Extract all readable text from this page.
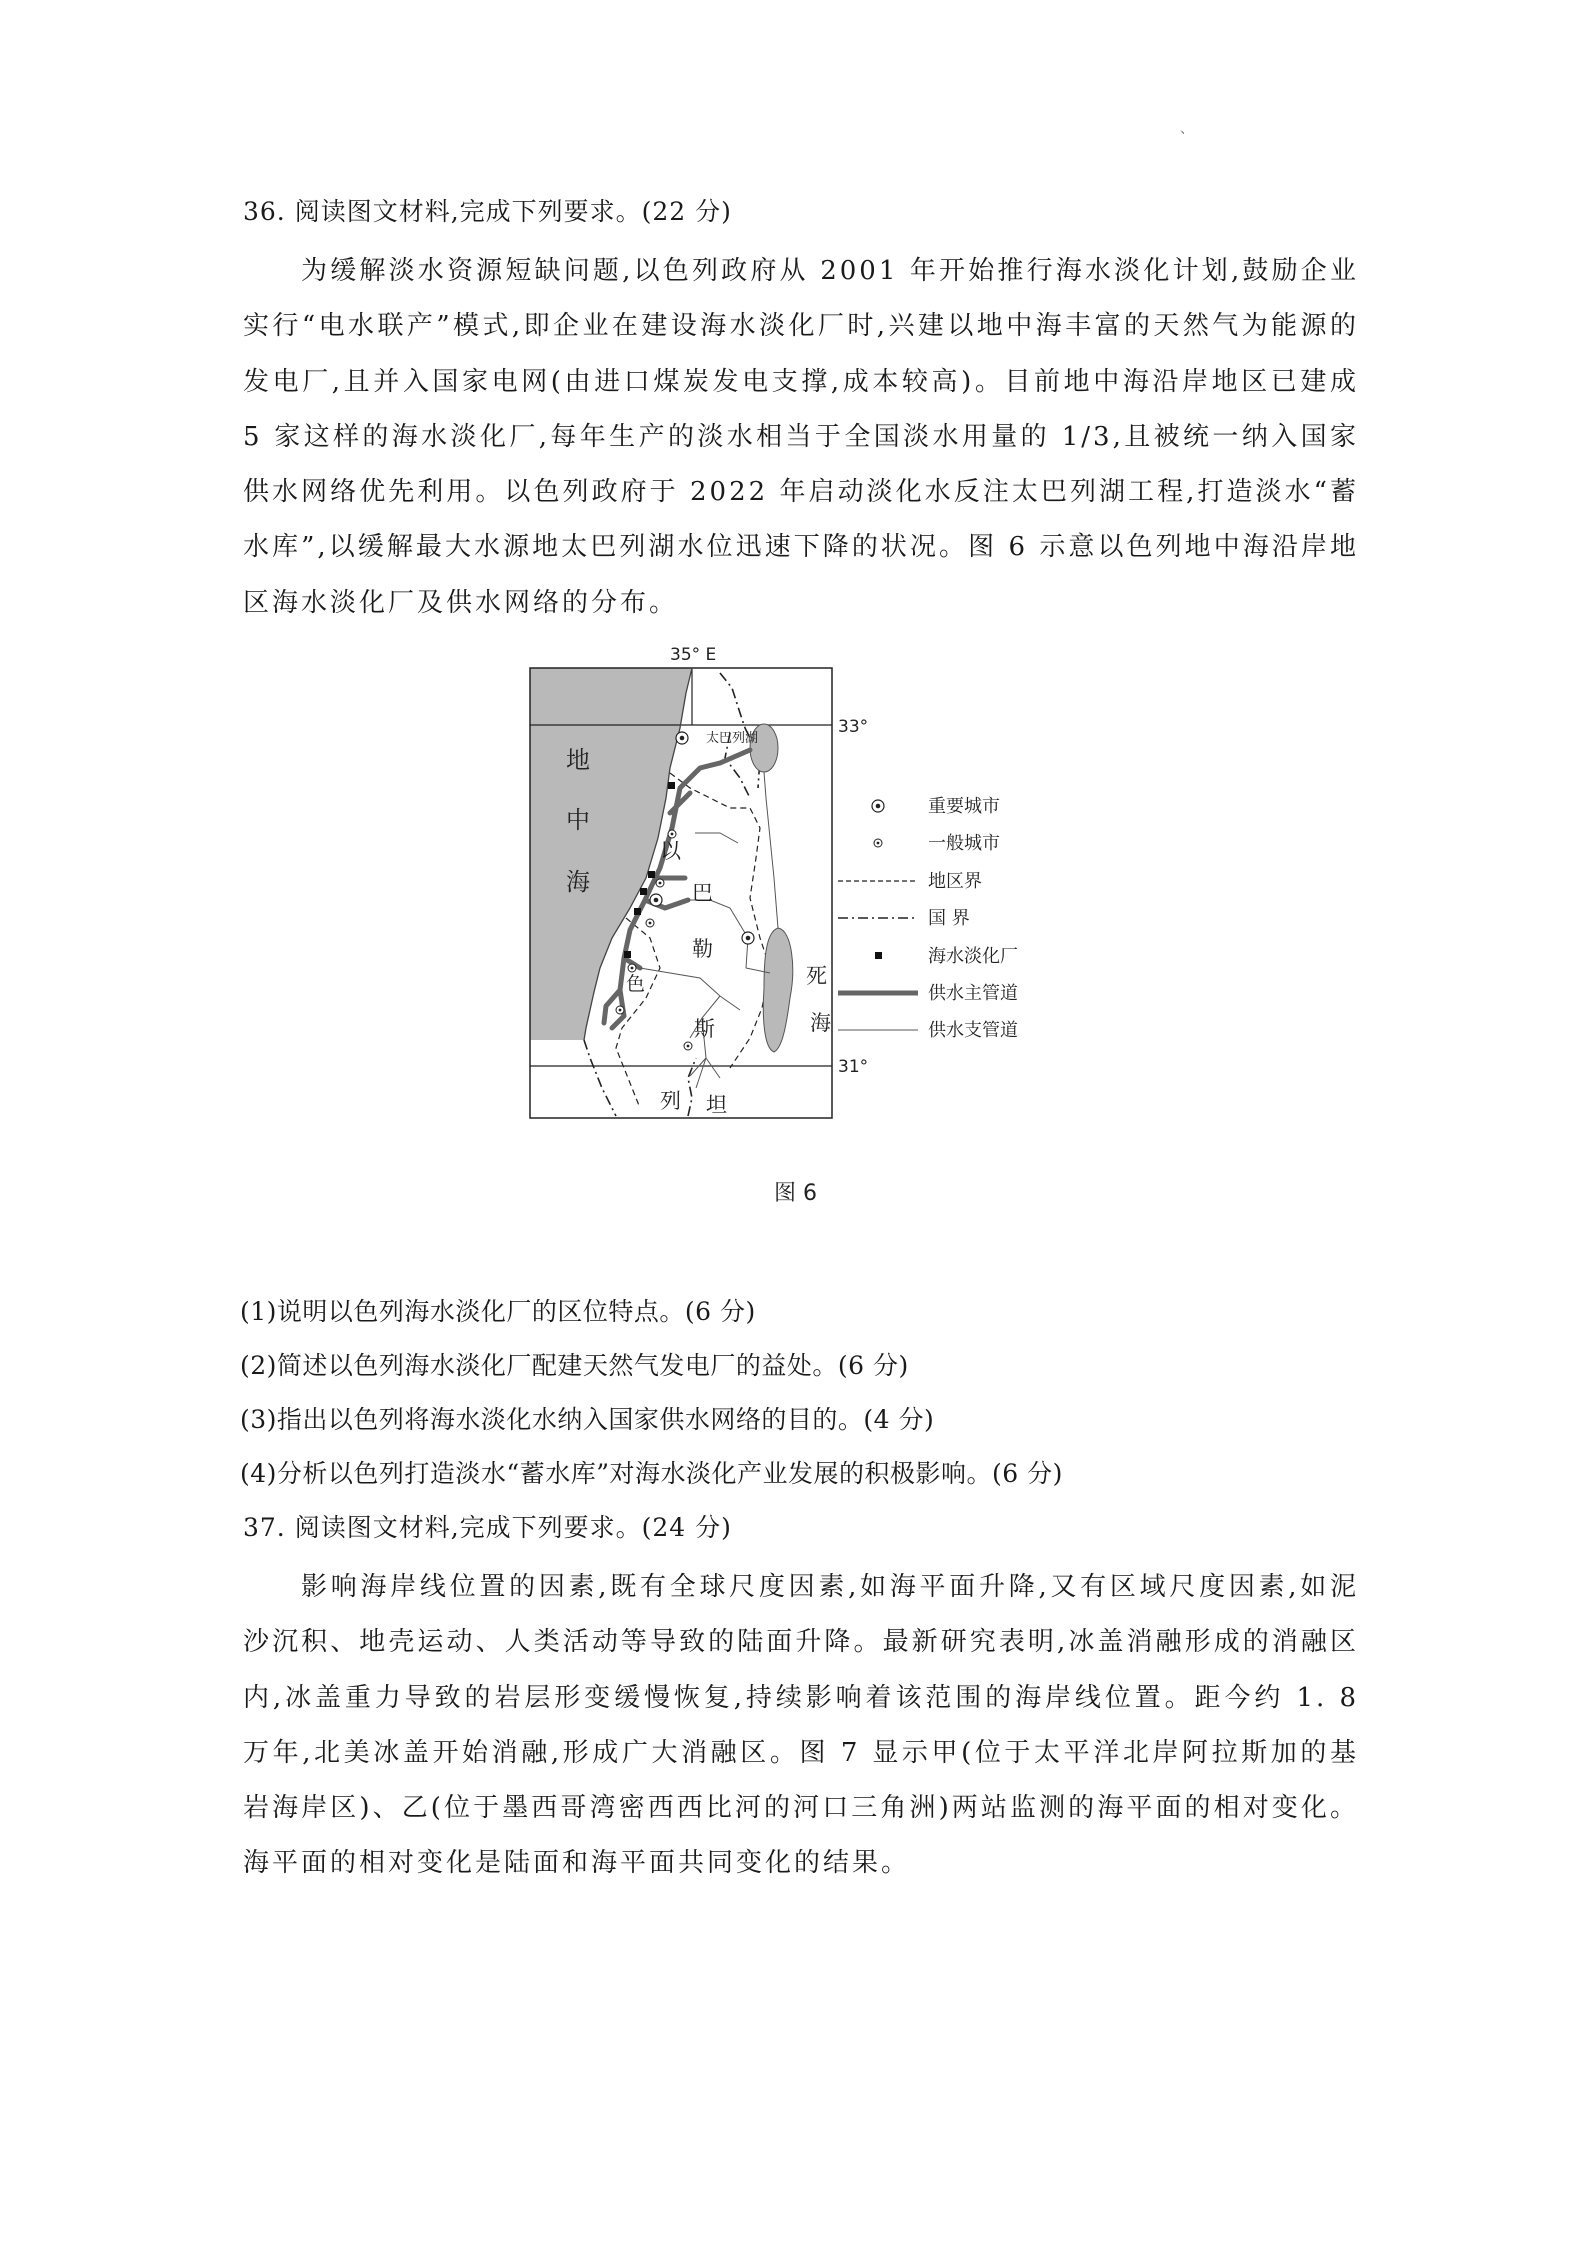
、
36. 阅读图文材料,完成下列要求。(22 分)

为缓解淡水资源短缺问题,以色列政府从 2001 年开始推行海水淡化计划,鼓励企业实行“电水联产”模式,即企业在建设海水淡化厂时,兴建以地中海丰富的天然气为能源的发电厂,且并入国家电网(由进口煤炭发电支撑,成本较高)。目前地中海沿岸地区已建成 5 家这样的海水淡化厂,每年生产的淡水相当于全国淡水用量的 1/3,且被统一纳入国家供水网络优先利用。以色列政府于 2022 年启动淡化水反注太巴列湖工程,打造淡水“蓄水库”,以缓解最大水源地太巴列湖水位迅速下降的状况。图 6 示意以色列地中海沿岸地区海水淡化厂及供水网络的分布。

35° E
33°
31°
太巴列湖
地
中
海
以
色
列
巴
勒
斯
坦
死
海
重要城市
一般城市
地区界
国 界
海水淡化厂
供水主管道
供水支管道
图 6
(1)说明以色列海水淡化厂的区位特点。(6 分)
(2)简述以色列海水淡化厂配建天然气发电厂的益处。(6 分)
(3)指出以色列将海水淡化水纳入国家供水网络的目的。(4 分)
(4)分析以色列打造淡水“蓄水库”对海水淡化产业发展的积极影响。(6 分)
37. 阅读图文材料,完成下列要求。(24 分)

影响海岸线位置的因素,既有全球尺度因素,如海平面升降,又有区域尺度因素,如泥沙沉积、地壳运动、人类活动等导致的陆面升降。最新研究表明,冰盖消融形成的消融区内,冰盖重力导致的岩层形变缓慢恢复,持续影响着该范围的海岸线位置。距今约 1. 8 万年,北美冰盖开始消融,形成广大消融区。图 7 显示甲(位于太平洋北岸阿拉斯加的基岩海岸区)、乙(位于墨西哥湾密西西比河的河口三角洲)两站监测的海平面的相对变化。海平面的相对变化是陆面和海平面共同变化的结果。
